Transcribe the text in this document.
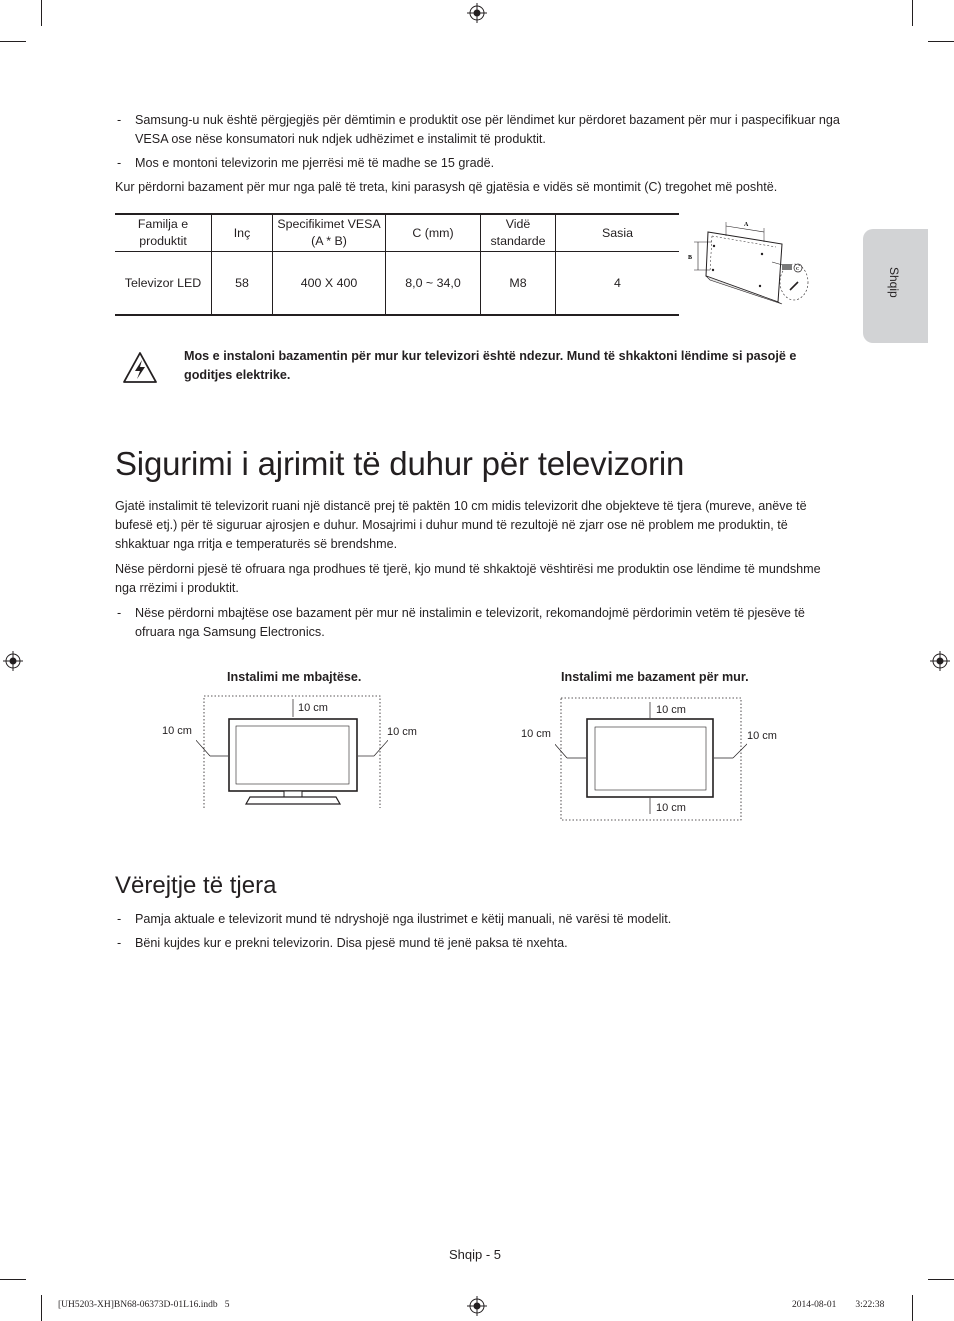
Shqip
- Samsung-u nuk është përgjegjës për dëmtimin e produktit ose për lëndimet kur përdoret bazament për mur i paspecifikuar nga VESA ose nëse konsumatori nuk ndjek udhëzimet e instalimit të produktit.
- Mos e montoni televizorin me pjerrësi më të madhe se 15 gradë.
Kur përdorni bazament për mur nga palë të treta, kini parasysh që gjatësia e vidës së montimit (C) tregohet më poshtë.
Familja e produktit	Inç	Specifikimet VESA (A * B)	C (mm)	Vidë standarde	Sasia
Televizor LED	58	400 X 400	8,0 ~ 34,0	M8	4
A
B
C
Mos e instaloni bazamentin për mur kur televizori është ndezur. Mund të shkaktoni lëndime si pasojë e goditjes elektrike.
Sigurimi i ajrimit të duhur për televizorin
Gjatë instalimit të televizorit ruani një distancë prej të paktën 10 cm midis televizorit dhe objekteve të tjera (mureve, anëve të bufesë etj.) për të siguruar ajrosjen e duhur. Mosajrimi i duhur mund të rezultojë në zjarr ose në problem me produktin, të shkaktuar nga rritja e temperaturës së brendshme.
Nëse përdorni pjesë të ofruara nga prodhues të tjerë, kjo mund të shkaktojë vështirësi me produktin ose lëndime të mundshme nga rrëzimi i produktit.
- Nëse përdorni mbajtëse ose bazament për mur në instalimin e televizorit, rekomandojmë përdorimin vetëm të pjesëve të ofruara nga Samsung Electronics.
Instalimi me mbajtëse.
10 cm
10 cm	10 cm
Instalimi me bazament për mur.
10 cm
10 cm	10 cm
10 cm
Vërejtje të tjera
- Pamja aktuale e televizorit mund të ndryshojë nga ilustrimet e këtij manuali, në varësi të modelit.
- Bëni kujdes kur e prekni televizorin. Disa pjesë mund të jenë paksa të nxehta.
Shqip - 5
[UH5203-XH]BN68-06373D-01L16.indb   5	2014-08-01     3:22:38
